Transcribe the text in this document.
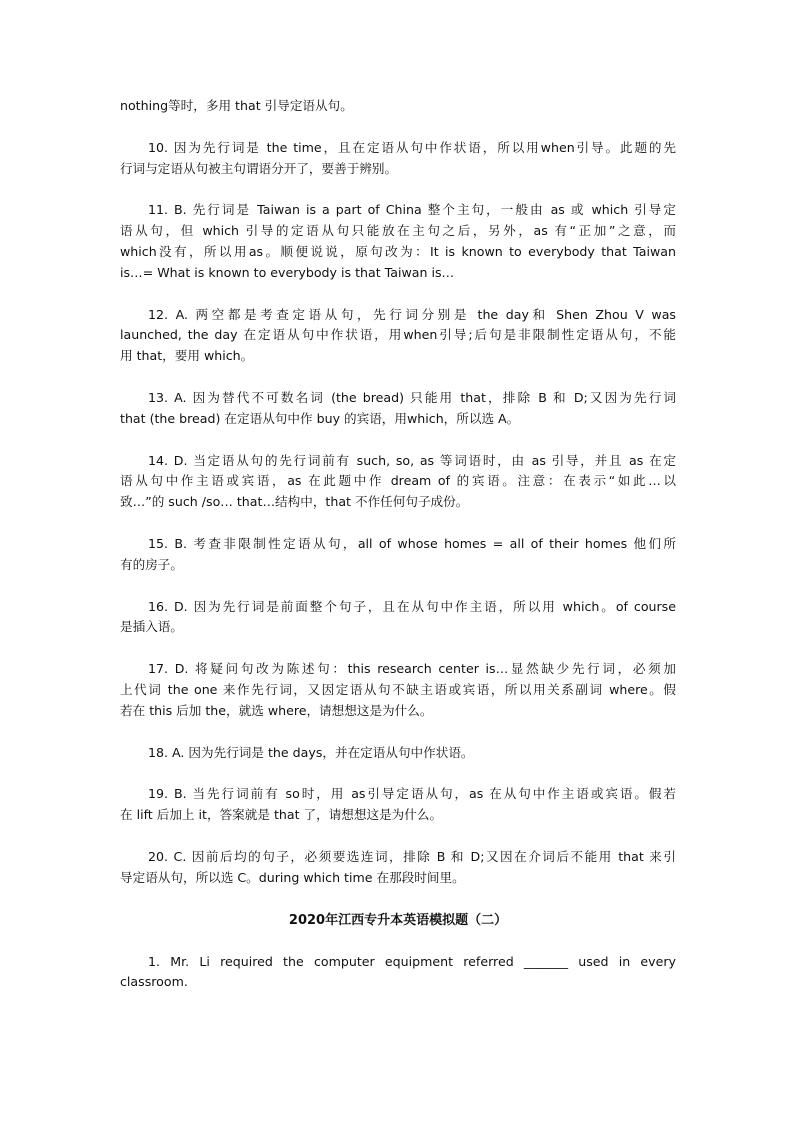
nothing等时，多用 that 引导定语从句。
10. 因为先行词是 the time，且在定语从句中作状语，所以用when引导。此题的先
行词与定语从句被主句谓语分开了，要善于辨别。
11. B. 先行词是 Taiwan is a part of China 整个主句，一般由 as 或 which 引导定
语从句，但 which 引导的定语从句只能放在主句之后，另外，as 有“正加”之意，而
which没有，所以用as。顺便说说，原句改为：It is known to everybody that Taiwan
is…= What is known to everybody is that Taiwan is…
12. A. 两空都是考查定语从句，先行词分别是 the day和 Shen Zhou V was
launched, the day 在定语从句中作状语，用when引导;后句是非限制性定语从句，不能
用 that，要用 which。
13. A. 因为替代不可数名词 (the bread) 只能用 that，排除 B 和 D;又因为先行词
that (the bread) 在定语从句中作 buy 的宾语，用which，所以选 A。
14. D. 当定语从句的先行词前有 such, so, as 等词语时，由 as 引导，并且 as 在定
语从句中作主语或宾语，as 在此题中作 dream of 的宾语。注意：在表示“如此…以
致…”的 such /so… that…结构中，that 不作任何句子成份。
15. B. 考查非限制性定语从句，all of whose homes = all of their homes 他们所
有的房子。
16. D. 因为先行词是前面整个句子，且在从句中作主语，所以用 which。of course
是插入语。
17. D. 将疑问句改为陈述句：this research center is…显然缺少先行词，必须加
上代词 the one 来作先行词，又因定语从句不缺主语或宾语，所以用关系副词 where。假
若在 this 后加 the，就选 where，请想想这是为什么。
18. A. 因为先行词是 the days，并在定语从句中作状语。
19. B. 当先行词前有 so时，用 as引导定语从句，as 在从句中作主语或宾语。假若
在 lift 后加上 it，答案就是 that 了，请想想这是为什么。
20. C. 因前后均的句子，必须要选连词，排除 B 和 D;又因在介词后不能用 that 来引
导定语从句，所以选 C。during which time 在那段时间里。
2020年江西专升本英语模拟题（二）
1. Mr. Li required the computer equipment referred _______ used in every
classroom.
